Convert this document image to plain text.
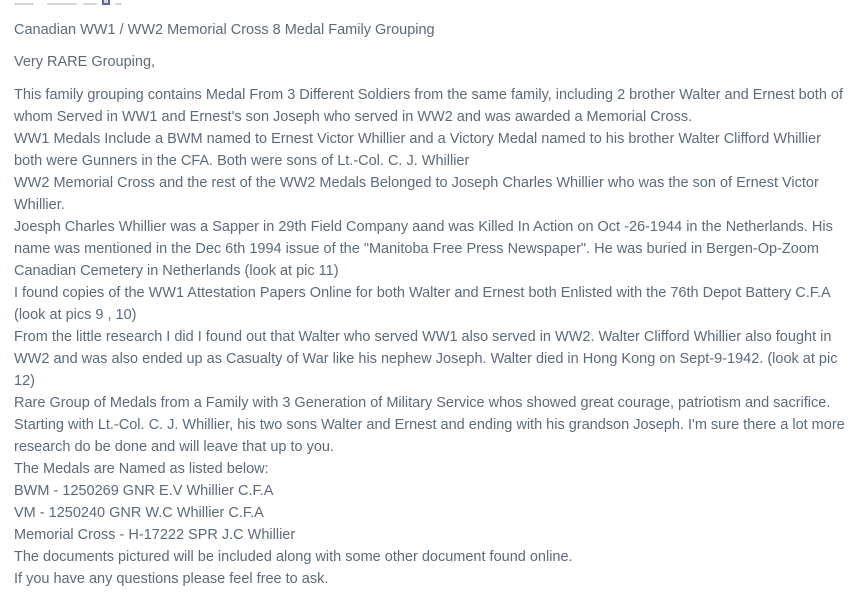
Canadian WW1 / WW2 Memorial Cross 8 Medal Family Grouping

Very RARE Grouping,

This family grouping contains Medal From 3 Different Soldiers from the same family, including 2 brother Walter and Ernest both of whom Served in WW1 and Ernest's son Joseph who served in WW2 and was awarded a Memorial Cross.
WW1 Medals Include a BWM named to Ernest Victor Whillier and a Victory Medal named to his brother Walter Clifford Whillier both were Gunners in the CFA. Both were sons of Lt.-Col. C. J. Whillier
WW2 Memorial Cross and the rest of the WW2 Medals Belonged to Joseph Charles Whillier who was the son of Ernest Victor Whillier.
Joesph Charles Whillier was a Sapper in 29th Field Company aand was Killed In Action on Oct -26-1944 in the Netherlands. His name was mentioned in the Dec 6th 1994 issue of the "Manitoba Free Press Newspaper". He was buried in Bergen-Op-Zoom Canadian Cemetery in Netherlands (look at pic 11)
I found copies of the WW1 Attestation Papers Online for both Walter and Ernest both Enlisted with the 76th Depot Battery C.F.A (look at pics 9 , 10)
From the little research I did I found out that Walter who served WW1 also served in WW2. Walter Clifford Whillier also fought in WW2 and was also ended up as Casualty of War like his nephew Joseph. Walter died in Hong Kong on Sept-9-1942. (look at pic 12)
Rare Group of Medals from a Family with 3 Generation of Military Service whos showed great courage, patriotism and sacrifice. Starting with Lt.-Col. C. J. Whillier, his two sons Walter and Ernest and ending with his grandson Joseph. I'm sure there a lot more research do be done and will leave that up to you.
The Medals are Named as listed below:
BWM - 1250269 GNR E.V Whillier C.F.A
VM - 1250240 GNR W.C Whillier C.F.A
Memorial Cross - H-17222 SPR J.C Whillier
The documents pictured will be included along with some other document found online.
If you have any questions please feel free to ask.
